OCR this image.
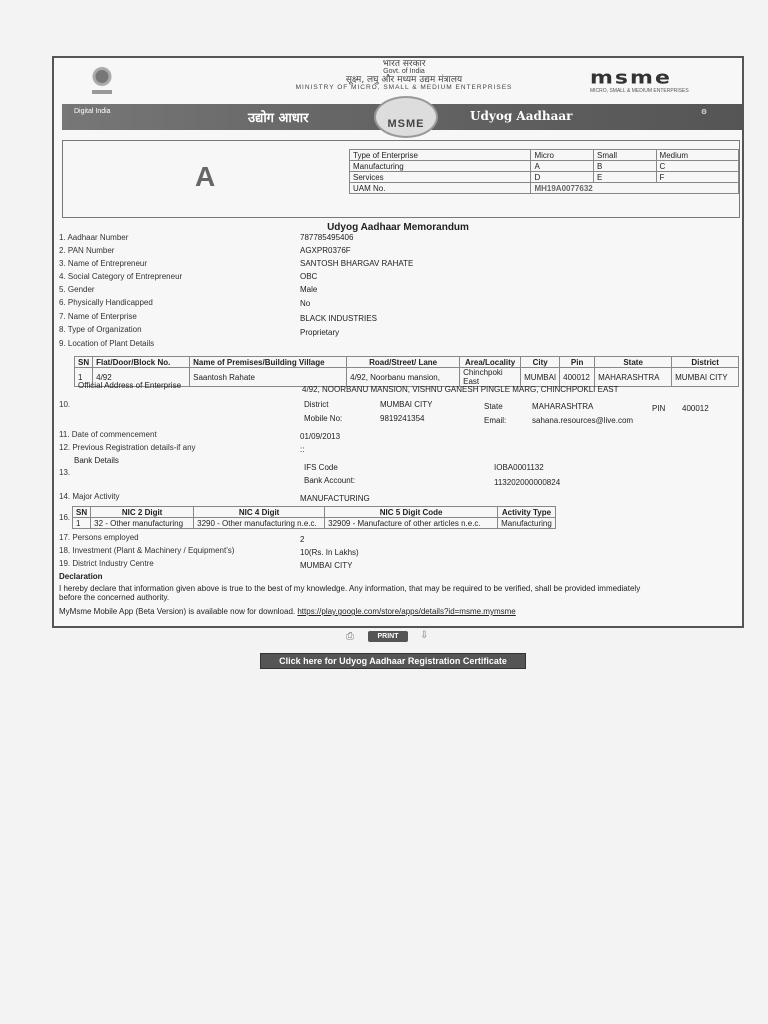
भारत सरकार
Govt. of India
सूक्ष्म, लघु और मध्यम उद्यम मंत्रालय
MINISTRY OF MICRO, SMALL & MEDIUM ENTERPRISES	msme
MICRO, SMALL & MEDIUM ENTERPRISES
Digital India	उद्योग आधार	MSME
Udyog Aadhaar	⚙
A
Type of Enterprise	Micro	Small	Medium
Manufacturing	A	B	C
Services	D	E	F
UAM No.	MH19A0077632		
Udyog Aadhaar Memorandum
1. Aadhaar Number	787785495406
2. PAN Number	AGXPR0376F
3. Name of Entrepreneur	SANTOSH BHARGAV RAHATE
4. Social Category of Entrepreneur	OBC
5. Gender	Male
6. Physically Handicapped	No
7. Name of Enterprise	BLACK INDUSTRIES
8. Type of Organization	Proprietary
9. Location of Plant Details
SN	Flat/Door/Block No.	Name of Premises/Building Village	Road/Street/ Lane	Area/Locality	City	Pin	State	District
1	4/92	Saantosh Rahate	4/92, Noorbanu mansion,	Chinchpoki East	MUMBAI	400012	MAHARASHTRA	MUMBAI CITY
Official Address of Enterprise	4/92, NOORBANU MANSION, VISHNU GANESH PINGLE MARG, CHINCHPOKLI EAST
10.	District	MUMBAI CITY	State	MAHARASHTRA	PIN 400012
Mobile No:	9819241354	Email:	sahana.resources@live.com
11. Date of commencement	01/09/2013
12. Previous Registration details-if any	::
Bank Details
13.
IFS Code	IOBA0001132
Bank Account:	113202000000824
14. Major Activity	MANUFACTURING
16.
SN	NIC 2 Digit	NIC 4 Digit	NIC 5 Digit Code	Activity Type
1	32 - Other manufacturing	3290 - Other manufacturing n.e.c.	32909 - Manufacture of other articles n.e.c.	Manufacturing
17. Persons employed	2
18. Investment (Plant & Machinery / Equipment's)	10(Rs. In Lakhs)
19. District Industry Centre	MUMBAI CITY
Declaration
I hereby declare that information given above is true to the best of my knowledge. Any information, that may be required to be verified, shall be provided immediately
before the concerned authority.
MyMsme Mobile App (Beta Version) is available now for download. https://play.google.com/store/apps/details?id=msme.mymsme
⎙	PRINT	⇩
Click here for Udyog Aadhaar Registration Certificate
